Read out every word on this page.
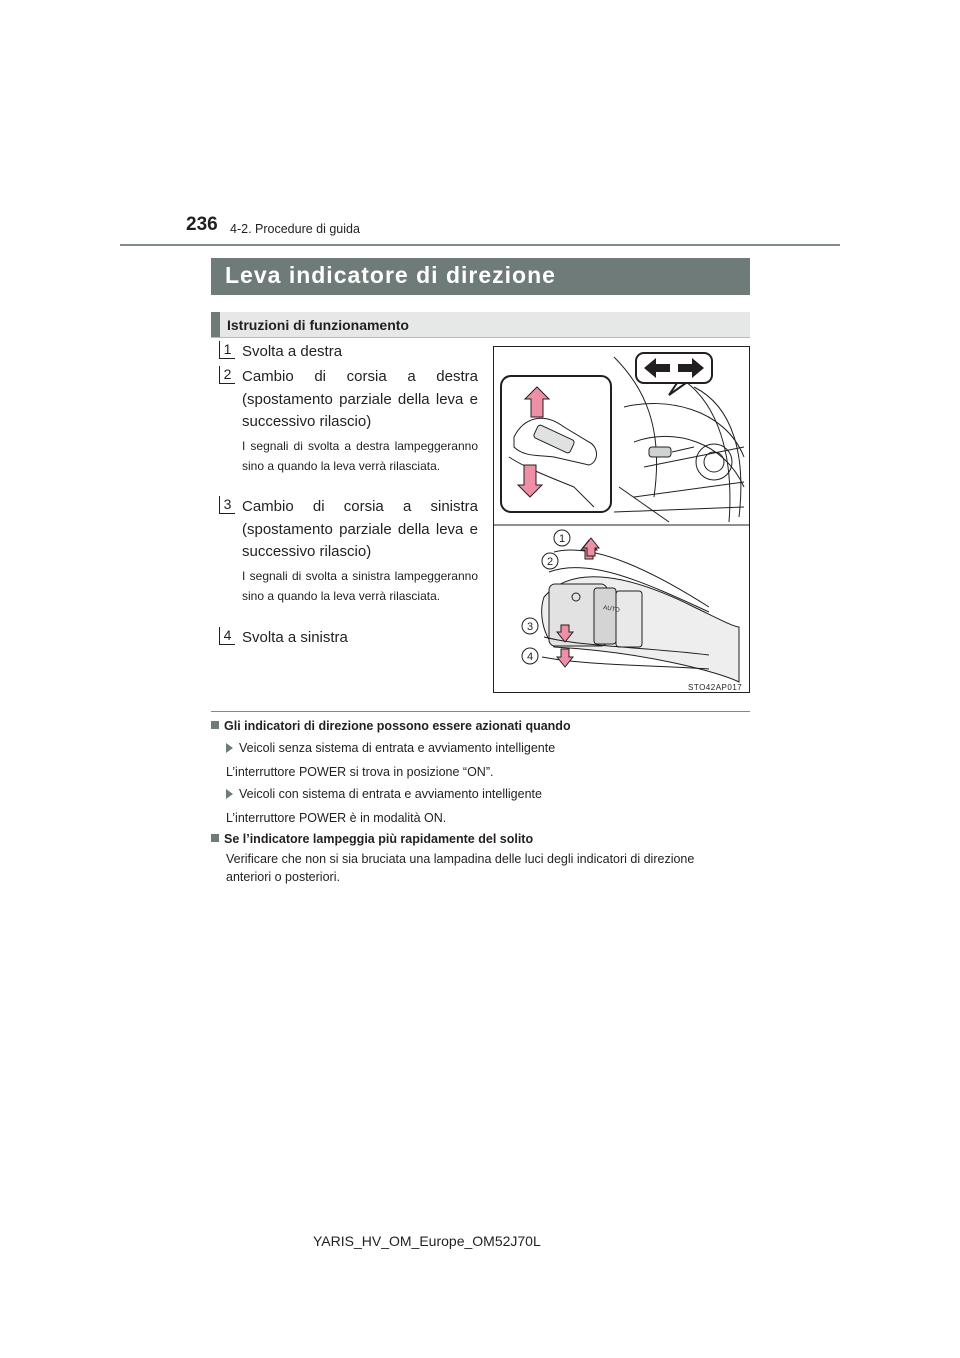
236 4-2. Procedure di guida
Leva indicatore di direzione
Istruzioni di funzionamento
1 Svolta a destra
2 Cambio di corsia a destra (spostamento parziale della leva e successivo rilascio)
I segnali di svolta a destra lampeggeranno sino a quando la leva verrà rilasciata.
3 Cambio di corsia a sinistra (spostamento parziale della leva e successivo rilascio)
I segnali di svolta a sinistra lampeggeranno sino a quando la leva verrà rilasciata.
4 Svolta a sinistra
AUTO
1
2
3
4
STO42AP017
Gli indicatori di direzione possono essere azionati quando
Veicoli senza sistema di entrata e avviamento intelligente
L’interruttore POWER si trova in posizione “ON”.
Veicoli con sistema di entrata e avviamento intelligente
L’interruttore POWER è in modalità ON.
Se l’indicatore lampeggia più rapidamente del solito
Verificare che non si sia bruciata una lampadina delle luci degli indicatori di direzione
anteriori o posteriori.
YARIS_HV_OM_Europe_OM52J70L
